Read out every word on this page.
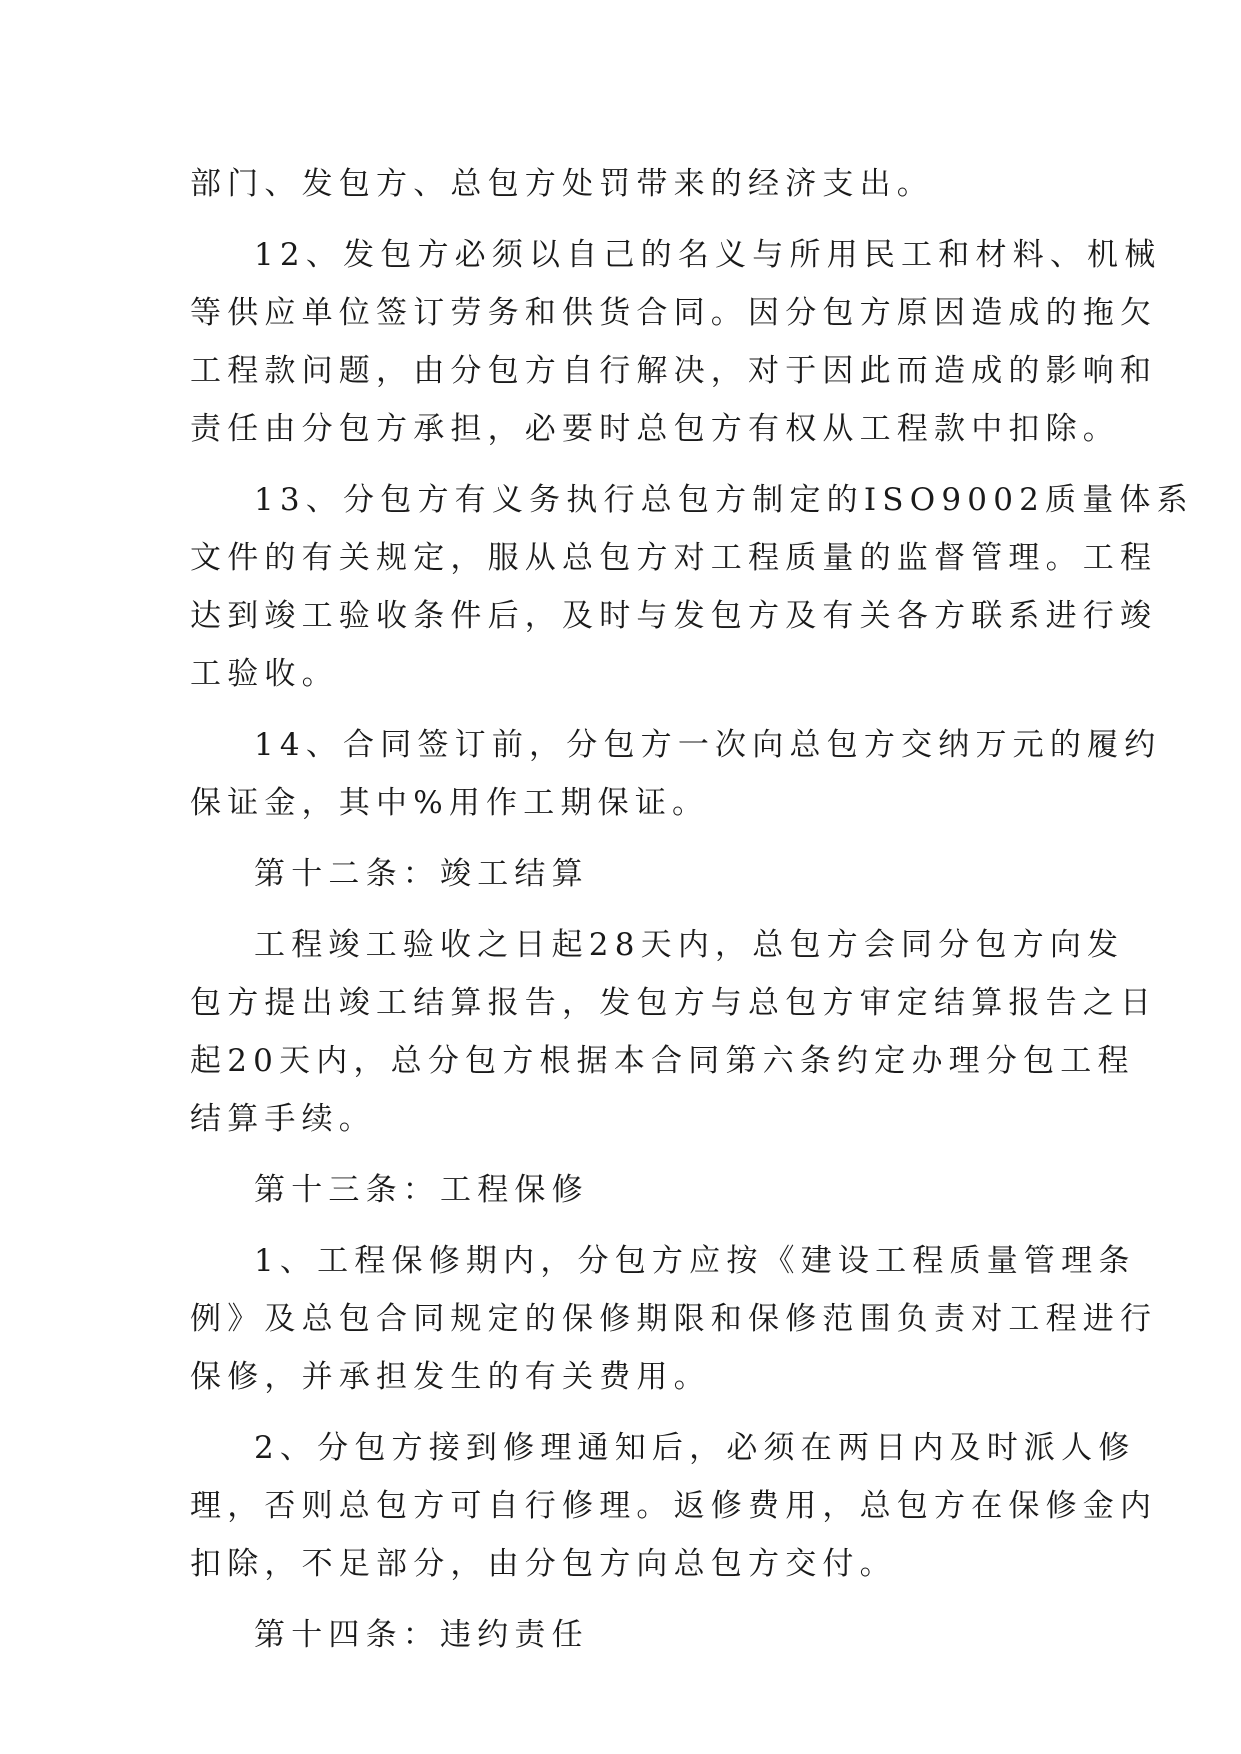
部门、发包方、总包方处罚带来的经济支出。
12、发包方必须以自己的名义与所用民工和材料、机械
等供应单位签订劳务和供货合同。因分包方原因造成的拖欠
工程款问题，由分包方自行解决，对于因此而造成的影响和
责任由分包方承担，必要时总包方有权从工程款中扣除。
13、分包方有义务执行总包方制定的ISO9002质量体系
文件的有关规定，服从总包方对工程质量的监督管理。工程
达到竣工验收条件后，及时与发包方及有关各方联系进行竣
工验收。
14、合同签订前，分包方一次向总包方交纳万元的履约
保证金，其中%用作工期保证。
第十二条：竣工结算
工程竣工验收之日起28天内，总包方会同分包方向发
包方提出竣工结算报告，发包方与总包方审定结算报告之日
起20天内，总分包方根据本合同第六条约定办理分包工程
结算手续。
第十三条：工程保修
1、工程保修期内，分包方应按《建设工程质量管理条
例》及总包合同规定的保修期限和保修范围负责对工程进行
保修，并承担发生的有关费用。
2、分包方接到修理通知后，必须在两日内及时派人修
理，否则总包方可自行修理。返修费用，总包方在保修金内
扣除，不足部分，由分包方向总包方交付。
第十四条：违约责任
